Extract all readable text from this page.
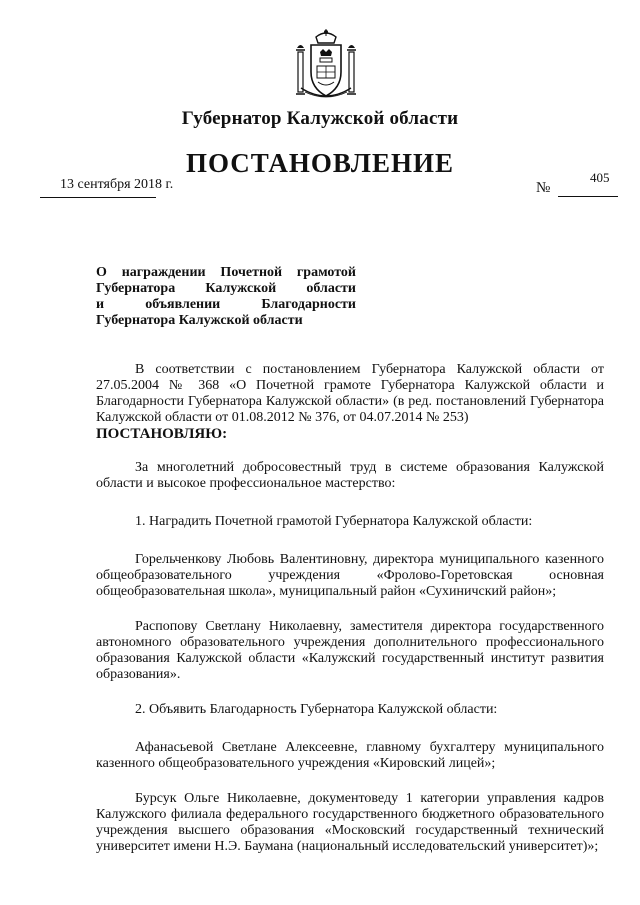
Губернатор Калужской области
ПОСТАНОВЛЕНИЕ
13 сентября 2018 г.	№
405
О награждении Почетной грамотой
Губернатора Калужской области
и объявлении Благодарности
Губернатора Калужской области

В соответствии с постановлением Губернатора Калужской области от 27.05.2004 № 368 «О Почетной грамоте Губернатора Калужской области и Благодарности Губернатора Калужской области» (в ред. постановлений Губернатора Калужской области от 01.08.2012 № 376, от 04.07.2014 № 253)

ПОСТАНОВЛЯЮ:

За многолетний добросовестный труд в системе образования Калужской области и высокое профессиональное мастерство:

1. Наградить Почетной грамотой Губернатора Калужской области:

Горельченкову Любовь Валентиновну, директора муниципального казенного общеобразовательного учреждения «Фролово-Горетовская основная общеобразовательная школа», муниципальный район «Сухиничский район»;

Распопову Светлану Николаевну, заместителя директора государственного автономного образовательного учреждения дополнительного профессионального образования Калужской области «Калужский государственный институт развития образования».

2. Объявить Благодарность Губернатора Калужской области:

Афанасьевой Светлане Алексеевне, главному бухгалтеру муниципального казенного общеобразовательного учреждения «Кировский лицей»;

Бурсук Ольге Николаевне, документоведу 1 категории управления кадров Калужского филиала федерального государственного бюджетного образовательного учреждения высшего образования «Московский государственный технический университет имени Н.Э. Баумана (национальный исследовательский университет)»;
